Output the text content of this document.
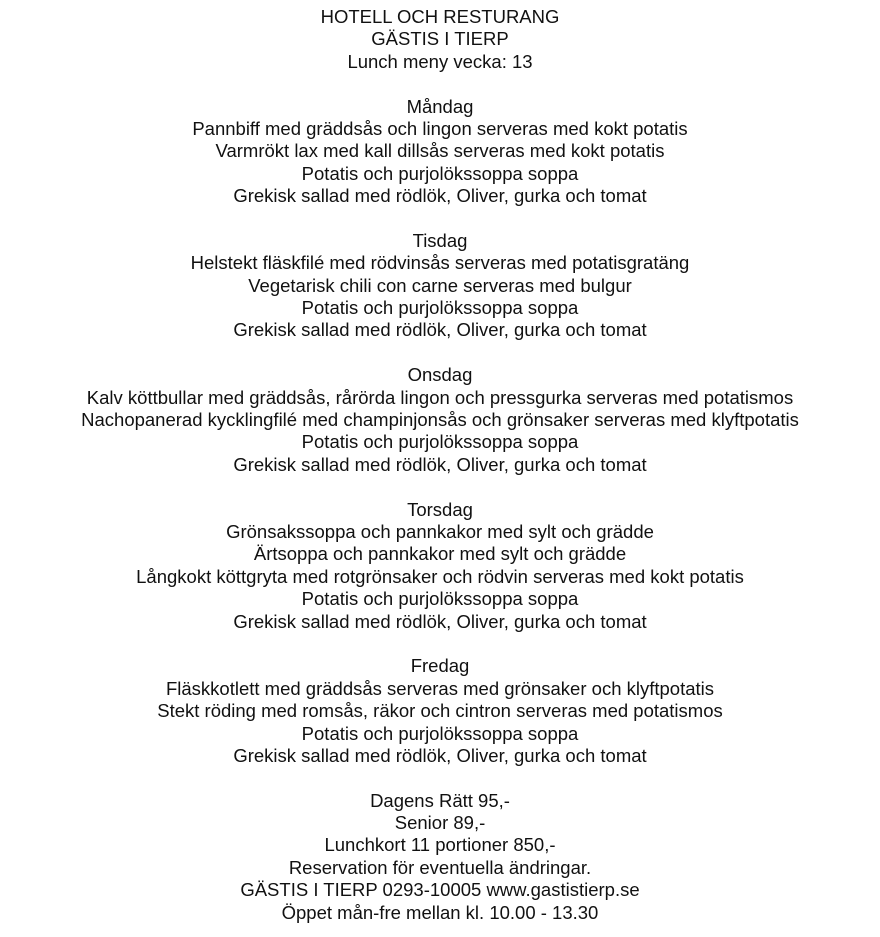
HOTELL OCH RESTURANG
GÄSTIS I TIERP
Lunch meny vecka: 13
Måndag
Pannbiff med gräddsås och lingon serveras med kokt potatis
Varmrökt lax med kall dillsås serveras med kokt potatis
Potatis och purjolökssoppa soppa
Grekisk sallad med rödlök, Oliver, gurka och tomat
Tisdag
Helstekt fläskfilé med rödvinsås serveras med potatisgratäng
Vegetarisk chili con carne serveras med bulgur
Potatis och purjolökssoppa soppa
Grekisk sallad med rödlök, Oliver, gurka och tomat
Onsdag
Kalv köttbullar med gräddsås, rårörda lingon och pressgurka serveras med potatismos
Nachopanerad kycklingfilé med champinjonsås och grönsaker serveras med klyftpotatis
Potatis och purjolökssoppa soppa
Grekisk sallad med rödlök, Oliver, gurka och tomat
Torsdag
Grönsakssoppa och pannkakor med sylt och grädde
Ärtsoppa och pannkakor med sylt och grädde
Långkokt köttgryta med rotgrönsaker och rödvin serveras med kokt potatis
Potatis och purjolökssoppa soppa
Grekisk sallad med rödlök, Oliver, gurka och tomat
Fredag
Fläskkotlett med gräddsås serveras med grönsaker och klyftpotatis
Stekt röding med romsås, räkor och cintron serveras med potatismos
Potatis och purjolökssoppa soppa
Grekisk sallad med rödlök, Oliver, gurka och tomat
Dagens Rätt 95,-
Senior 89,-
Lunchkort 11 portioner 850,-
Reservation för eventuella ändringar.
GÄSTIS I TIERP 0293-10005 www.gastistierp.se
Öppet mån-fre mellan kl. 10.00 - 13.30
